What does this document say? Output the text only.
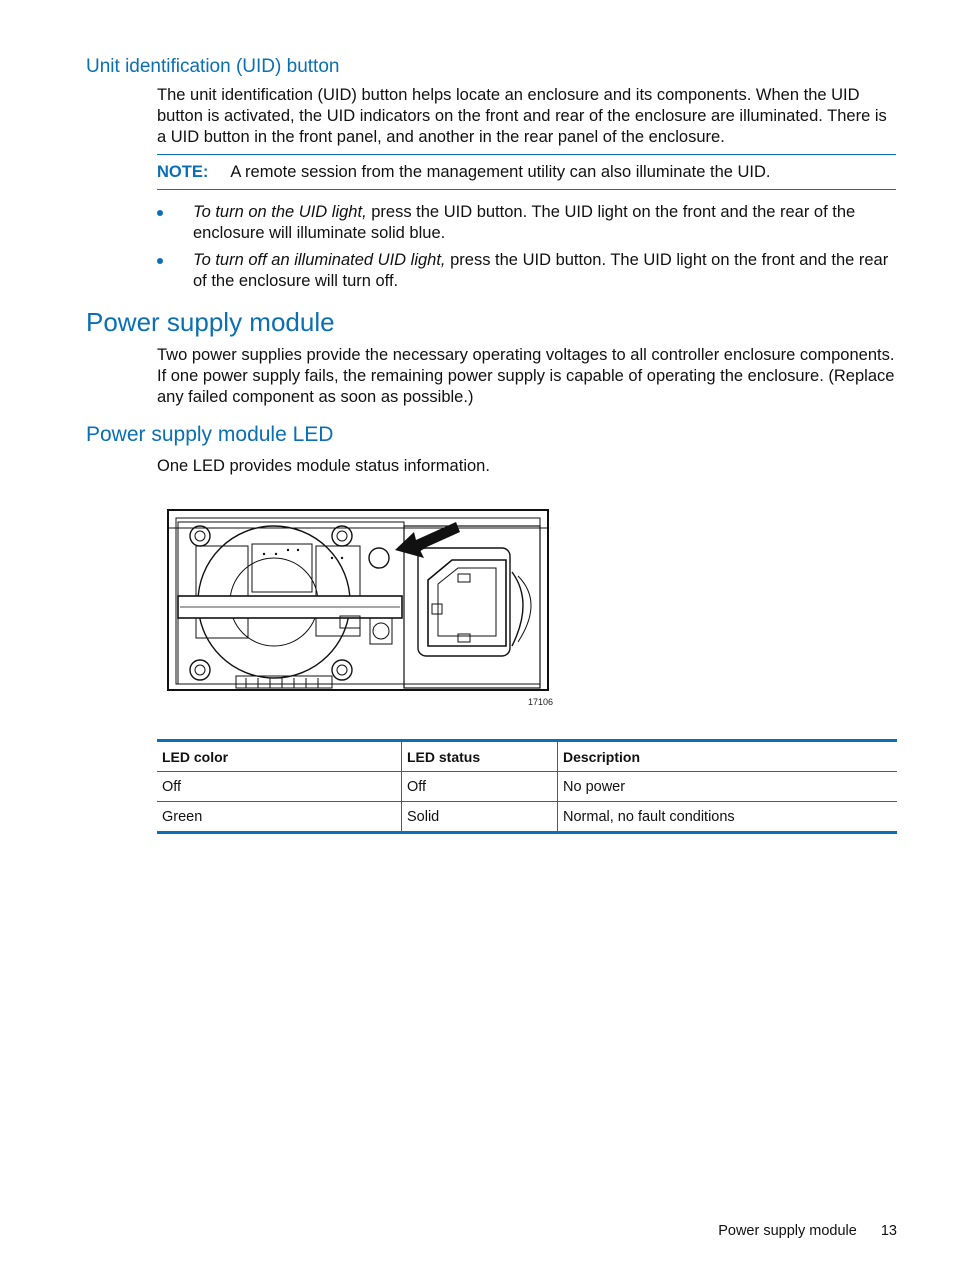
Unit identification (UID) button

The unit identification (UID) button helps locate an enclosure and its components. When the UID button is activated, the UID indicators on the front and rear of the enclosure are illuminated. There is a UID button in the front panel, and another in the rear panel of the enclosure.

NOTE: A remote session from the management utility can also illuminate the UID.
To turn on the UID light, press the UID button. The UID light on the front and the rear of the enclosure will illuminate solid blue.
To turn off an illuminated UID light, press the UID button. The UID light on the front and the rear of the enclosure will turn off.
Power supply module

Two power supplies provide the necessary operating voltages to all controller enclosure components. If one power supply fails, the remaining power supply is capable of operating the enclosure. (Replace any failed component as soon as possible.)

Power supply module LED

One LED provides module status information.

17106
LED color	LED status	Description
Off	Off	No power
Green	Solid	Normal, no fault conditions
Power supply module 13
